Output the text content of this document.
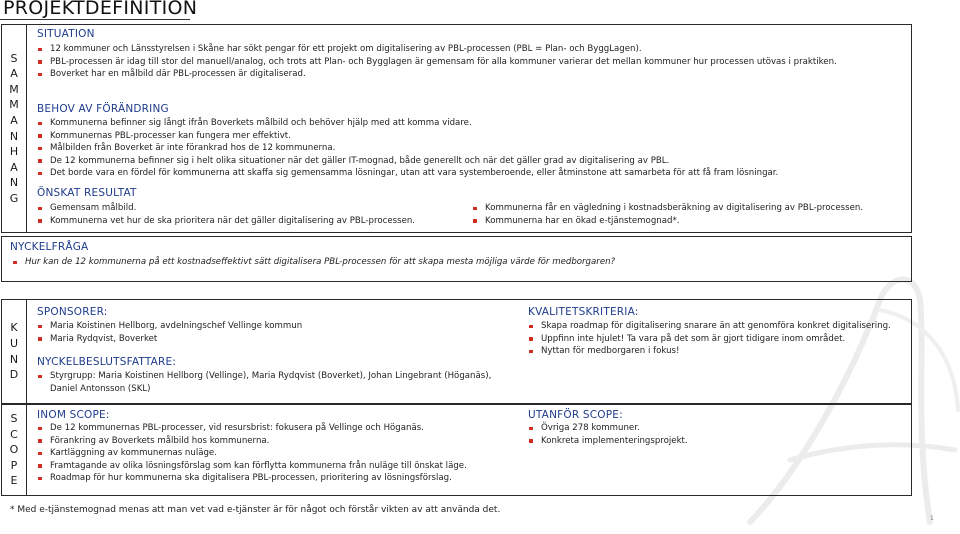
PROJEKTDEFINITION
S
A
M
M
A
N
H
A
N
G
SITUATION
12 kommuner och Länsstyrelsen i Skåne har sökt pengar för ett projekt om digitalisering av PBL-processen (PBL = Plan- och ByggLagen).
PBL-processen är idag till stor del manuell/analog, och trots att Plan- och Bygglagen är gemensam för alla kommuner varierar det mellan kommuner hur processen utövas i praktiken.
Boverket har en målbild där PBL-processen är digitaliserad.
BEHOV AV FÖRÄNDRING
Kommunerna befinner sig långt ifrån Boverkets målbild och behöver hjälp med att komma vidare.
Kommunernas PBL-processer kan fungera mer effektivt.
Målbilden från Boverket är inte förankrad hos de 12 kommunerna.
De 12 kommunerna befinner sig i helt olika situationer när det gäller IT-mognad, både generellt och när det gäller grad av digitalisering av PBL.
Det borde vara en fördel för kommunerna att skaffa sig gemensamma lösningar, utan att vara systemberoende, eller åtminstone att samarbeta för att få fram lösningar.
ÖNSKAT RESULTAT
Gemensam målbild.
Kommunerna vet hur de ska prioritera när det gäller digitalisering av PBL-processen.
Kommunerna får en vägledning i kostnadsberäkning av digitalisering av PBL-processen.
Kommunerna har en ökad e-tjänstemognad*.
NYCKELFRÅGA
Hur kan de 12 kommunerna på ett kostnadseffektivt sätt digitalisera PBL-processen för att skapa mesta möjliga värde för medborgaren?
K
U
N
D
SPONSORER:
Maria Koistinen Hellborg, avdelningschef Vellinge kommun
Maria Rydqvist, Boverket
NYCKELBESLUTSFATTARE:
Styrgrupp: Maria Koistinen Hellborg (Vellinge), Maria Rydqvist (Boverket), Johan Lingebrant (Höganäs), Daniel Antonsson (SKL)
KVALITETSKRITERIA:
Skapa roadmap för digitalisering snarare än att genomföra konkret digitalisering.
Uppfinn inte hjulet! Ta vara på det som är gjort tidigare inom området.
Nyttan för medborgaren i fokus!
S
C
O
P
E
INOM SCOPE:
De 12 kommunernas PBL-processer, vid resursbrist: fokusera på Vellinge och Höganäs.
Förankring av Boverkets målbild hos kommunerna.
Kartläggning av kommunernas nuläge.
Framtagande av olika lösningsförslag som kan förflytta kommunerna från nuläge till önskat läge.
Roadmap för hur kommunerna ska digitalisera PBL-processen, prioritering av lösningsförslag.
UTANFÖR SCOPE:
Övriga 278 kommuner.
Konkreta implementeringsprojekt.
* Med e-tjänstemognad menas att man vet vad e-tjänster är för något och förstår vikten av att använda det.
1
